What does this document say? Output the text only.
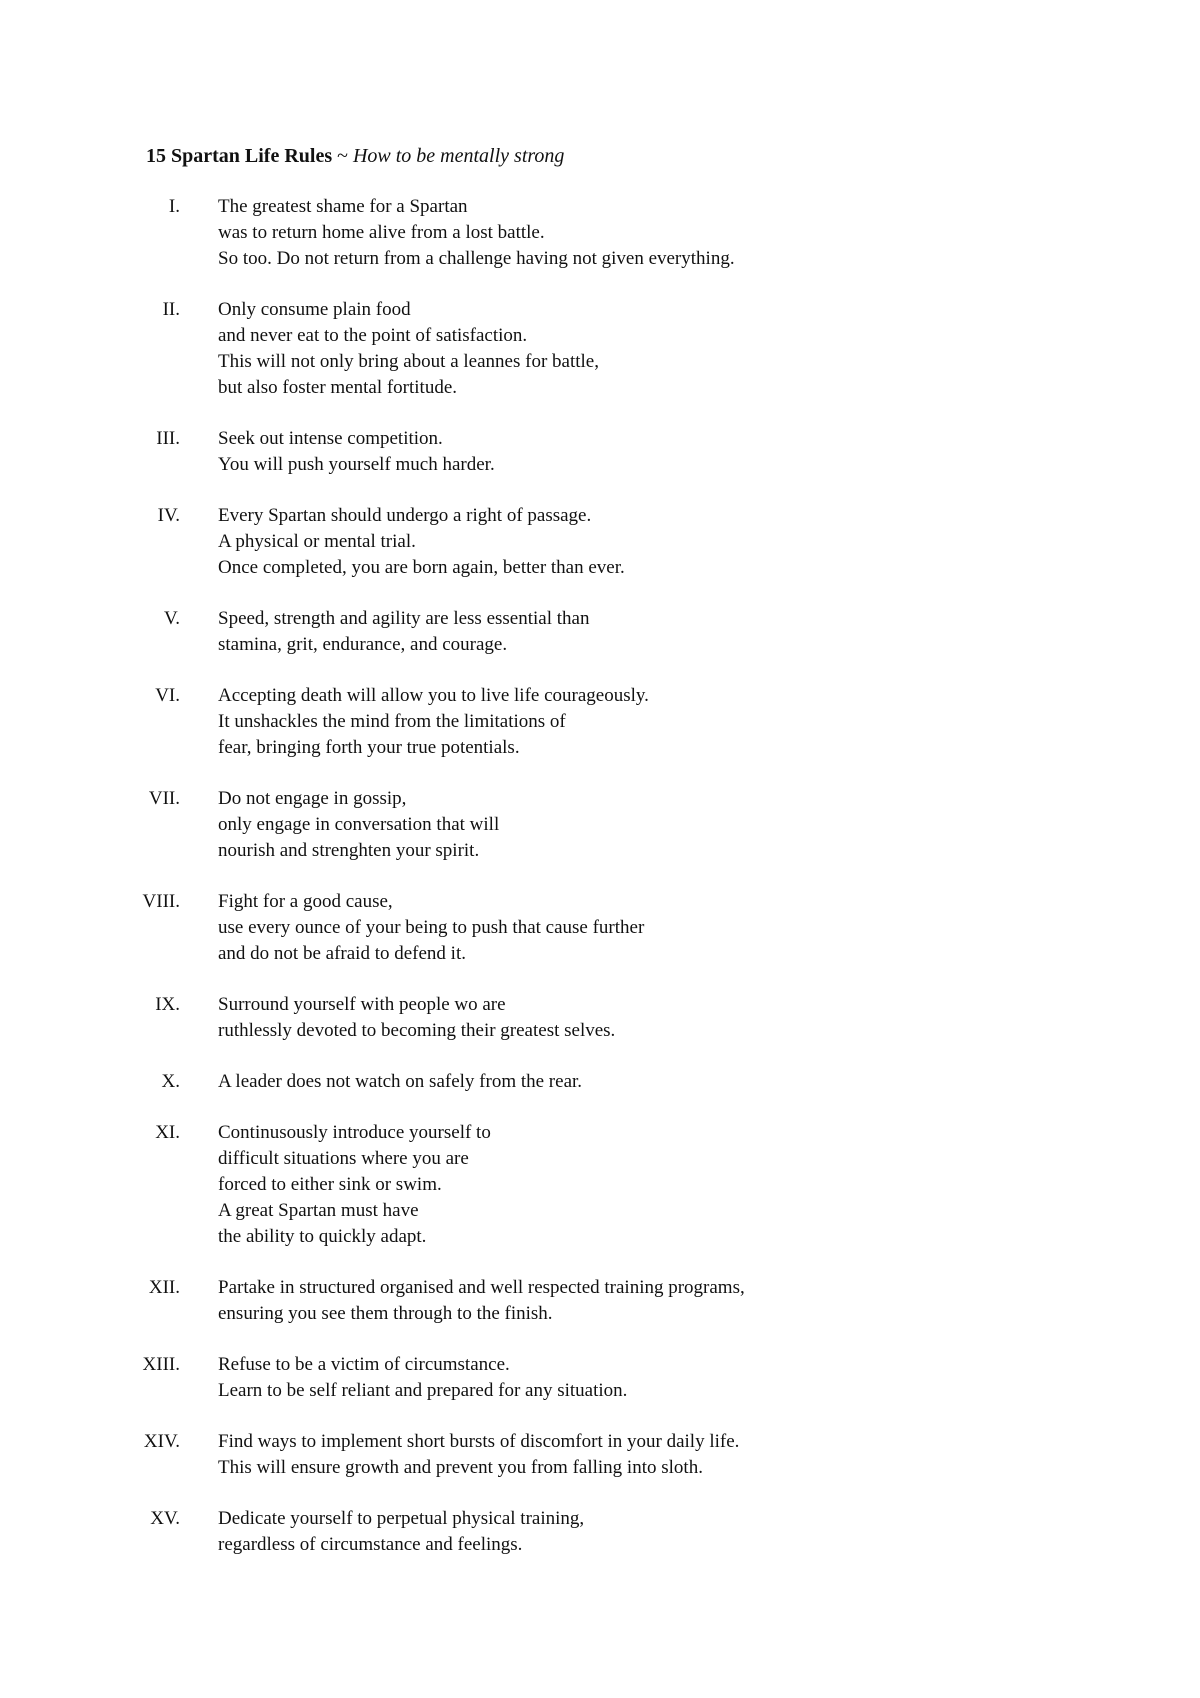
15 Spartan Life Rules ~ How to be mentally strong
I. The greatest shame for a Spartan
was to return home alive from a lost battle.
So too. Do not return from a challenge having not given everything.
II. Only consume plain food
and never eat to the point of satisfaction.
This will not only bring about a leannes for battle,
but also foster mental fortitude.
III. Seek out intense competition.
You will push yourself much harder.
IV. Every Spartan should undergo a right of passage.
A physical or mental trial.
Once completed, you are born again, better than ever.
V. Speed, strength and agility are less essential than
stamina, grit, endurance, and courage.
VI. Accepting death will allow you to live life courageously.
It unshackles the mind from the limitations of
fear, bringing forth your true potentials.
VII. Do not engage in gossip,
only engage in conversation that will
nourish and strenghten your spirit.
VIII. Fight for a good cause,
use every ounce of your being to push that cause further
and do not be afraid to defend it.
IX. Surround yourself with people wo are
ruthlessly devoted to becoming their greatest selves.
X. A leader does not watch on safely from the rear.
XI. Continusously introduce yourself to
difficult situations where you are
forced to either sink or swim.
A great Spartan must have
the ability to quickly adapt.
XII. Partake in structured organised and well respected training programs,
ensuring you see them through to the finish.
XIII. Refuse to be a victim of circumstance.
Learn to be self reliant and prepared for any situation.
XIV. Find ways to implement short bursts of discomfort in your daily life.
This will ensure growth and prevent you from falling into sloth.
XV. Dedicate yourself to perpetual physical training,
regardless of circumstance and feelings.
